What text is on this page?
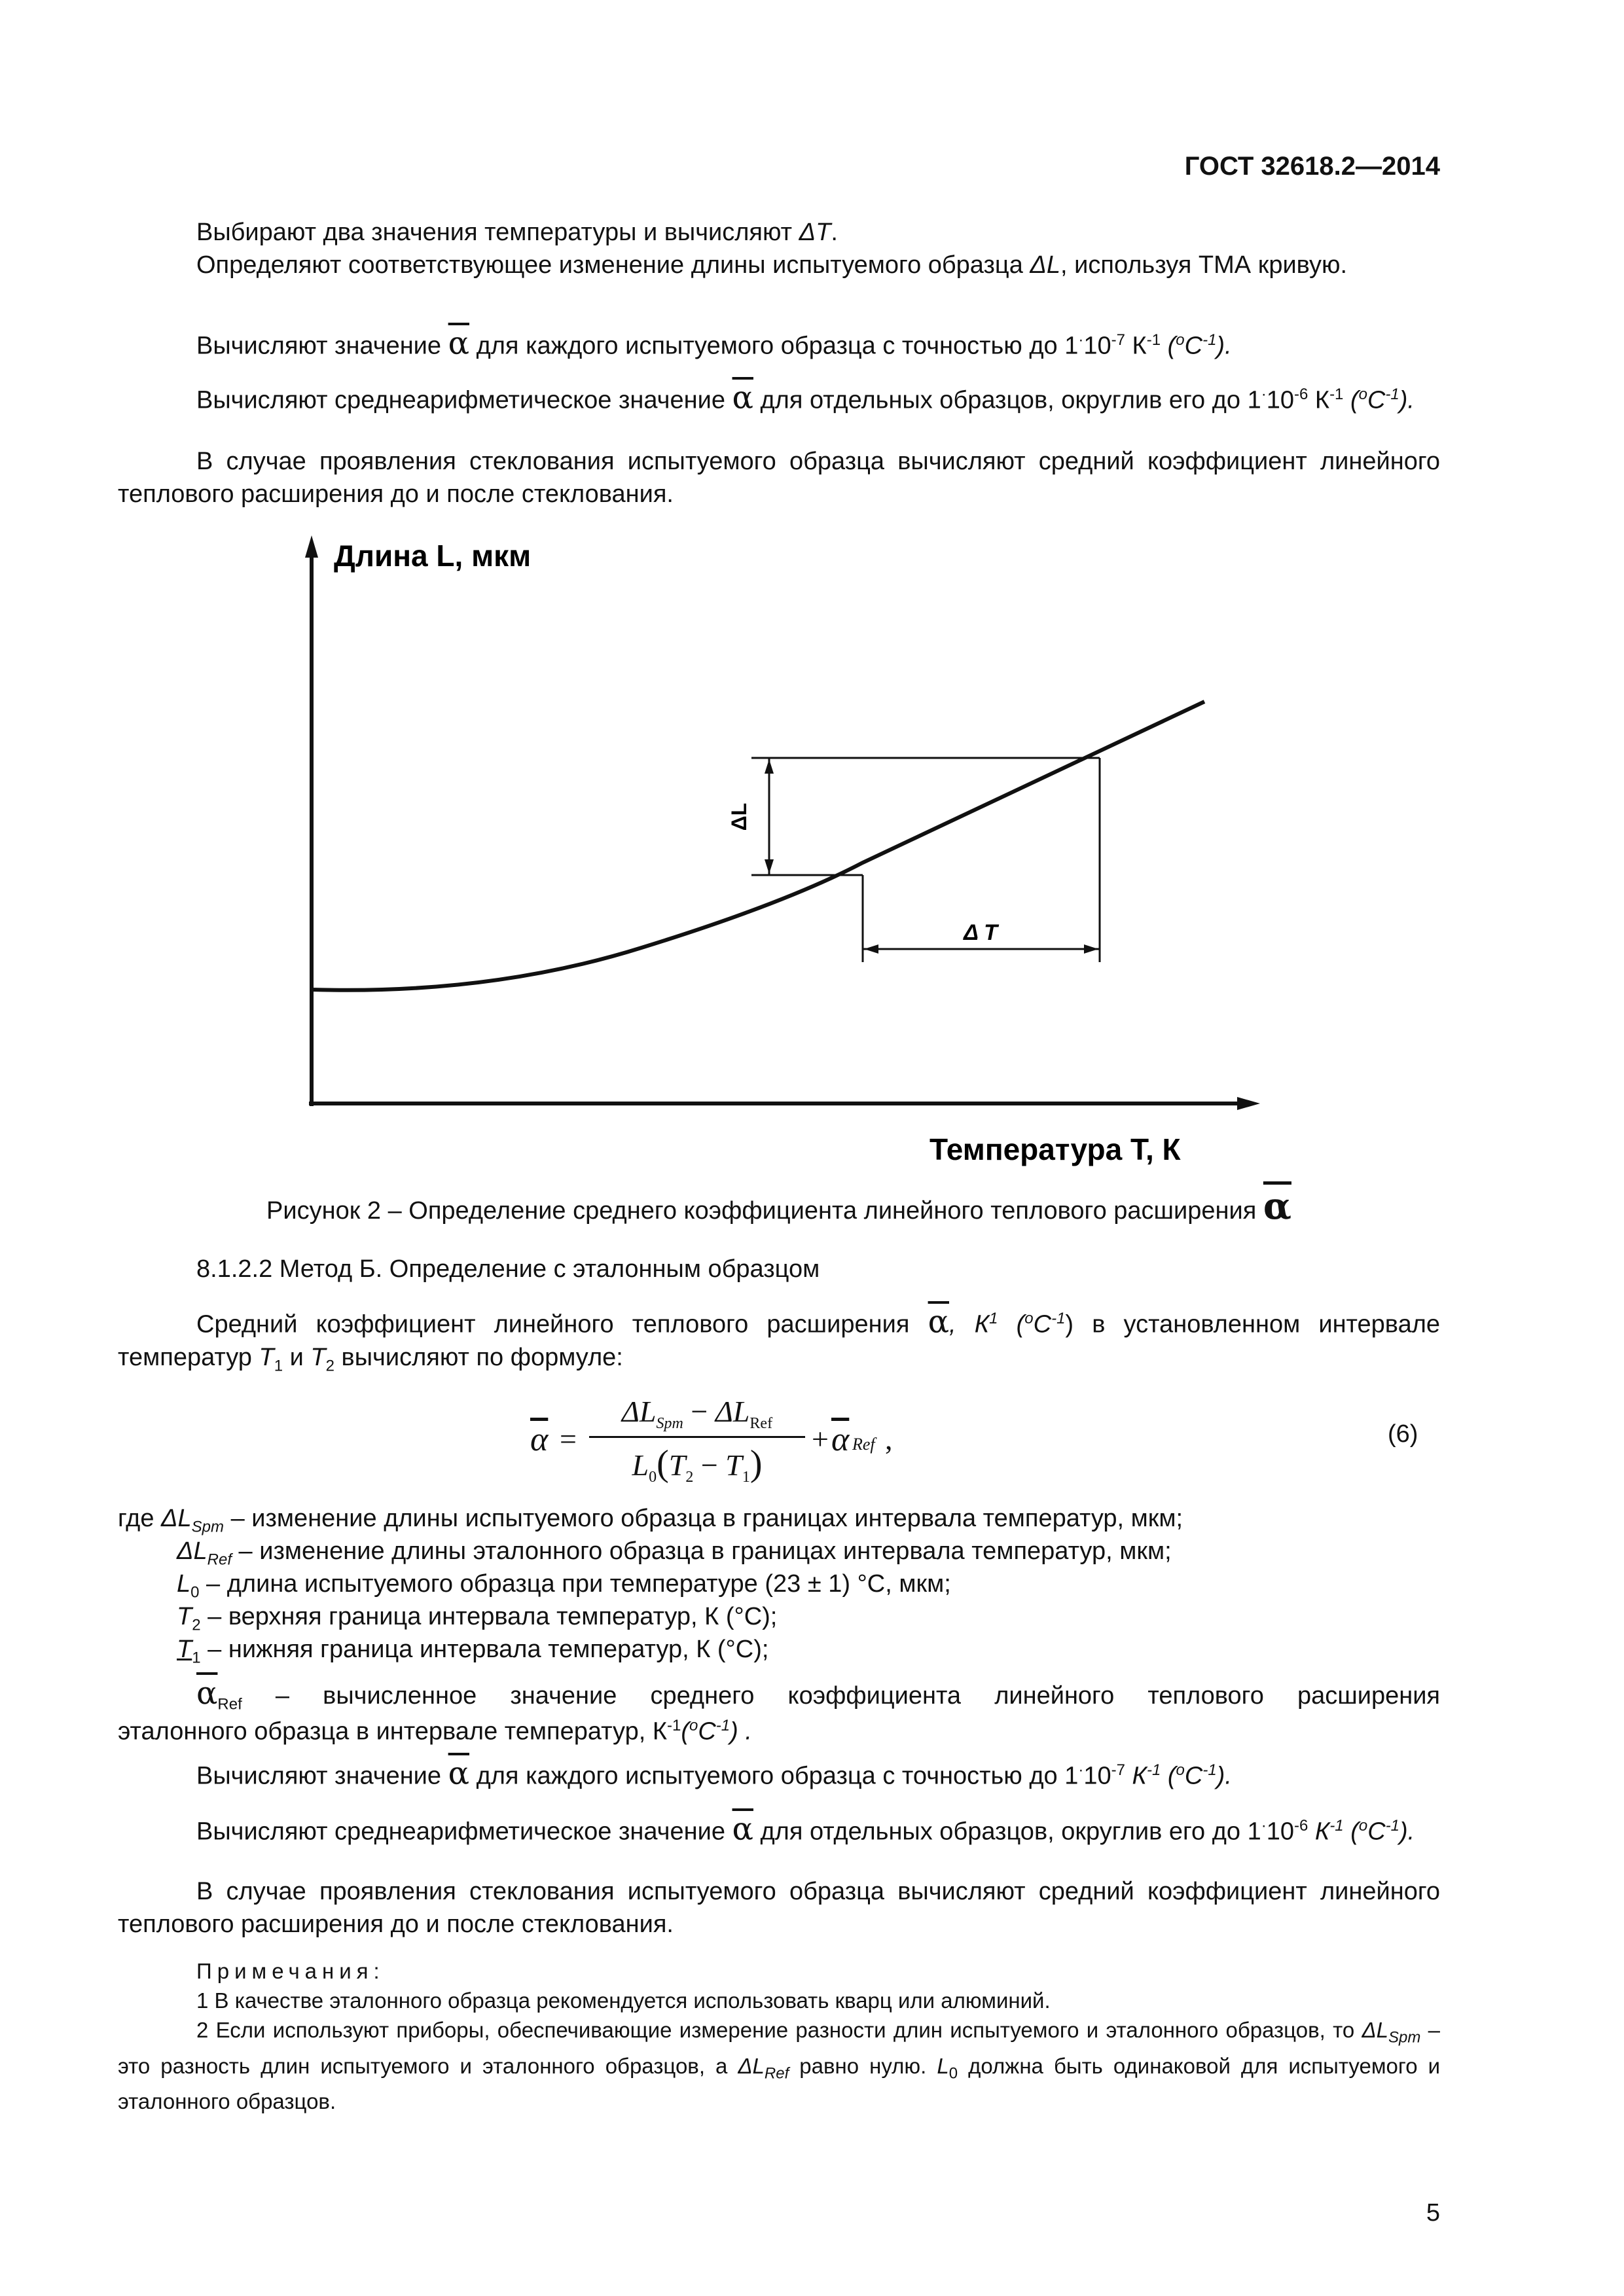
ГОСТ 32618.2—2014
Выбирают два значения температуры и вычисляют ΔT.
Определяют соответствующее изменение длины испытуемого образца ΔL, используя ТМА кривую.
Вычисляют значение $\overline{\alpha}$ для каждого испытуемого образца с точностью до $1^\cdot 10^{-7}$ $К^{-1}$ $(^oC^{-1})$.
Вычисляют среднеарифметическое значение $\overline{\alpha}$ для отдельных образцов, округлив его до $1^\cdot 10^{-6}$ $К^{-1}$ $(^oC^{-1})$.
В случае проявления стеклования испытуемого образца вычисляют средний коэффициент линейного теплового расширения до и после стеклования.
ΔL
Δ T
Длина L, мкм
Температура T, К
Рисунок 2 – Определение среднего коэффициента линейного теплового расширения $\overline{\alpha}$
8.1.2.2 Метод Б. Определение с эталонным образцом
Средний коэффициент линейного теплового расширения $\overline{\alpha}$, $К^1$ $(^oC^{-1})$ в установленном интервале температур $T_1$ и $T_2$ вычисляют по формуле:
$\overline{\alpha}$ =
$\Delta L_{Spm} - \Delta L_{Ref}$
$L_0(T_2 - T_1)$
+ $\overline{\alpha}$ Ref ,	(6)
где $\Delta L_{Spm}$ – изменение длины испытуемого образца в границах интервала температур, мкм;
$\Delta L_{Ref}$ – изменение длины эталонного образца в границах интервала температур, мкм;
$L_0$ – длина испытуемого образца при температуре (23 ± 1) °С, мкм;
$T_2$ – верхняя граница интервала температур, К (°С);
$T_1$ – нижняя граница интервала температур, К (°С);
$\overline{\alpha}_{Ref}$ – вычисленное значение среднего коэффициента линейного теплового расширения
эталонного образца в интервале температур, $К^{-1}(^oС^{-1})$ .
Вычисляют значение $\overline{\alpha}$ для каждого испытуемого образца с точностью до $1^\cdot 10^{-7}$ $К^{-1}$ $(^oC^{-1})$.
Вычисляют среднеарифметическое значение $\overline{\alpha}$ для отдельных образцов, округлив его до $1^\cdot 10^{-6}$ $К^{-1}$ $(^oC^{-1})$.
В случае проявления стеклования испытуемого образца вычисляют средний коэффициент линейного теплового расширения до и после стеклования.
Примечания:
1 В качестве эталонного образца рекомендуется использовать кварц или алюминий.
2 Если используют приборы, обеспечивающие измерение разности длин испытуемого и эталонного образцов, то $\Delta L_{Spm}$ – это разность длин испытуемого и эталонного образцов, а $\Delta L_{Ref}$ равно нулю. $L_0$ должна быть одинаковой для испытуемого и эталонного образцов.
5
